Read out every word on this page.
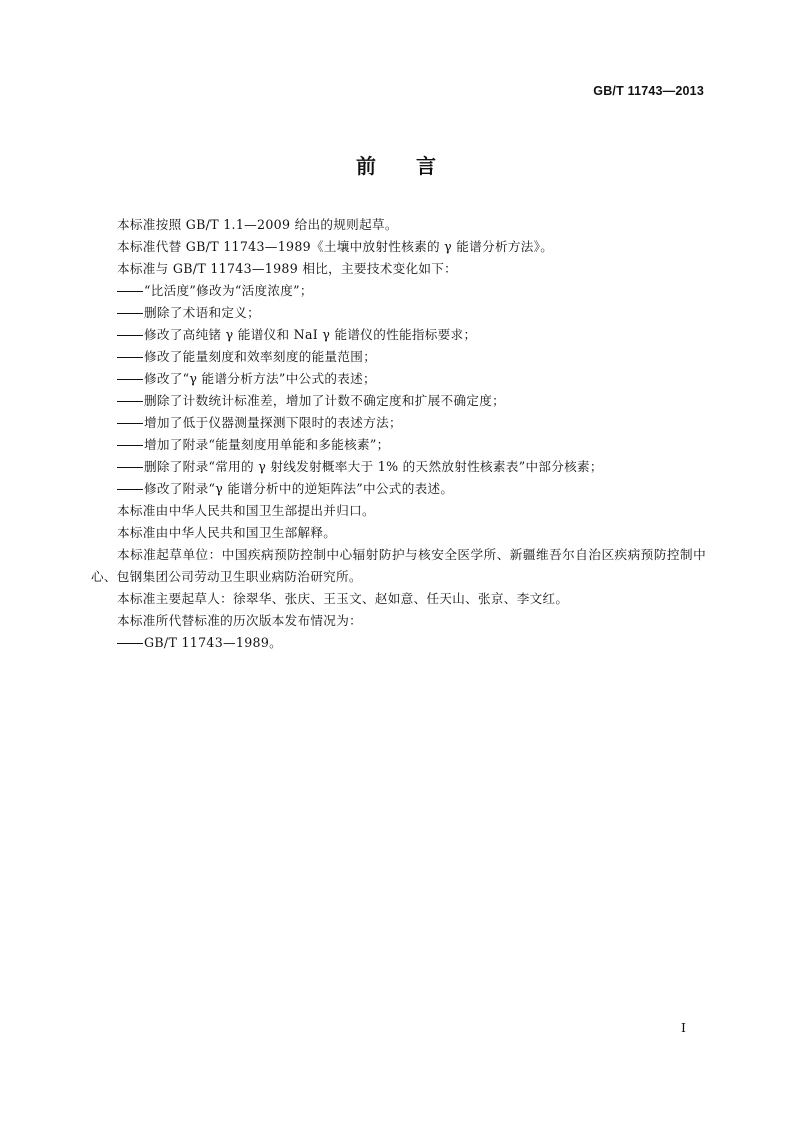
GB/T 11743—2013
前 言

本标准按照 GB/T 1.1—2009 给出的规则起草。

本标准代替 GB/T 11743—1989《土壤中放射性核素的 γ 能谱分析方法》。

本标准与 GB/T 11743—1989 相比，主要技术变化如下：

“比活度”修改为“活度浓度”；

删除了术语和定义；

修改了高纯锗 γ 能谱仪和 NaI γ 能谱仪的性能指标要求；

修改了能量刻度和效率刻度的能量范围；

修改了“γ 能谱分析方法”中公式的表述；

删除了计数统计标准差，增加了计数不确定度和扩展不确定度；

增加了低于仪器测量探测下限时的表述方法；

增加了附录“能量刻度用单能和多能核素”；

删除了附录“常用的 γ 射线发射概率大于 1% 的天然放射性核素表”中部分核素；

修改了附录“γ 能谱分析中的逆矩阵法”中公式的表述。

本标准由中华人民共和国卫生部提出并归口。

本标准由中华人民共和国卫生部解释。

本标准起草单位：中国疾病预防控制中心辐射防护与核安全医学所、新疆维吾尔自治区疾病预防控制中心、包钢集团公司劳动卫生职业病防治研究所。

本标准主要起草人：徐翠华、张庆、王玉文、赵如意、任天山、张京、李文红。

本标准所代替标准的历次版本发布情况为：

GB/T 11743—1989。

I
